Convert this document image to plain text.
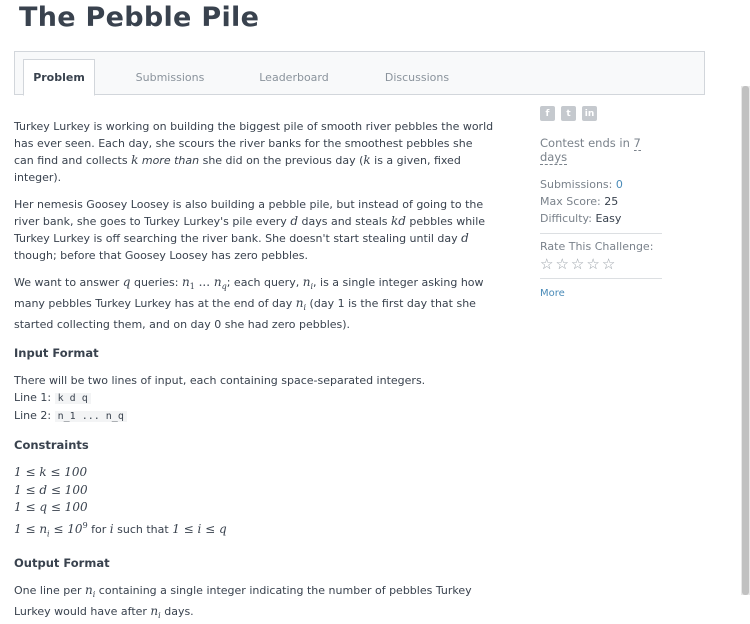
The Pebble Pile
Problem	Submissions	Leaderboard	Discussions
Turkey Lurkey is working on building the biggest pile of smooth river pebbles the world has ever seen. Each day, she scours the river banks for the smoothest pebbles she can find and collects k more than she did on the previous day (k is a given, fixed integer).
Her nemesis Goosey Loosey is also building a pebble pile, but instead of going to the river bank, she goes to Turkey Lurkey's pile every d days and steals kd pebbles while Turkey Lurkey is off searching the river bank. She doesn't start stealing until day d though; before that Goosey Loosey has zero pebbles.
We want to answer q queries: $n_1$ ... $n_q$; each query, $n_i$, is a single integer asking how many pebbles Turkey Lurkey has at the end of day $n_i$ (day 1 is the first day that she started collecting them, and on day 0 she had zero pebbles).
Input Format
There will be two lines of input, each containing space-separated integers.
Line 1: k d q
Line 2: n_1 ... n_q
Constraints
1 ≤ k ≤ 100
1 ≤ d ≤ 100
1 ≤ q ≤ 100
$1 \le n_i \le 10^9$ for i such that 1 ≤ i ≤ q
Output Format
One line per $n_i$ containing a single integer indicating the number of pebbles Turkey Lurkey would have after $n_i$ days.
f	t	in
Contest ends in 7 days
Submissions: 0
Max Score: 25
Difficulty: Easy
Rate This Challenge:
☆ ☆ ☆ ☆ ☆
More
